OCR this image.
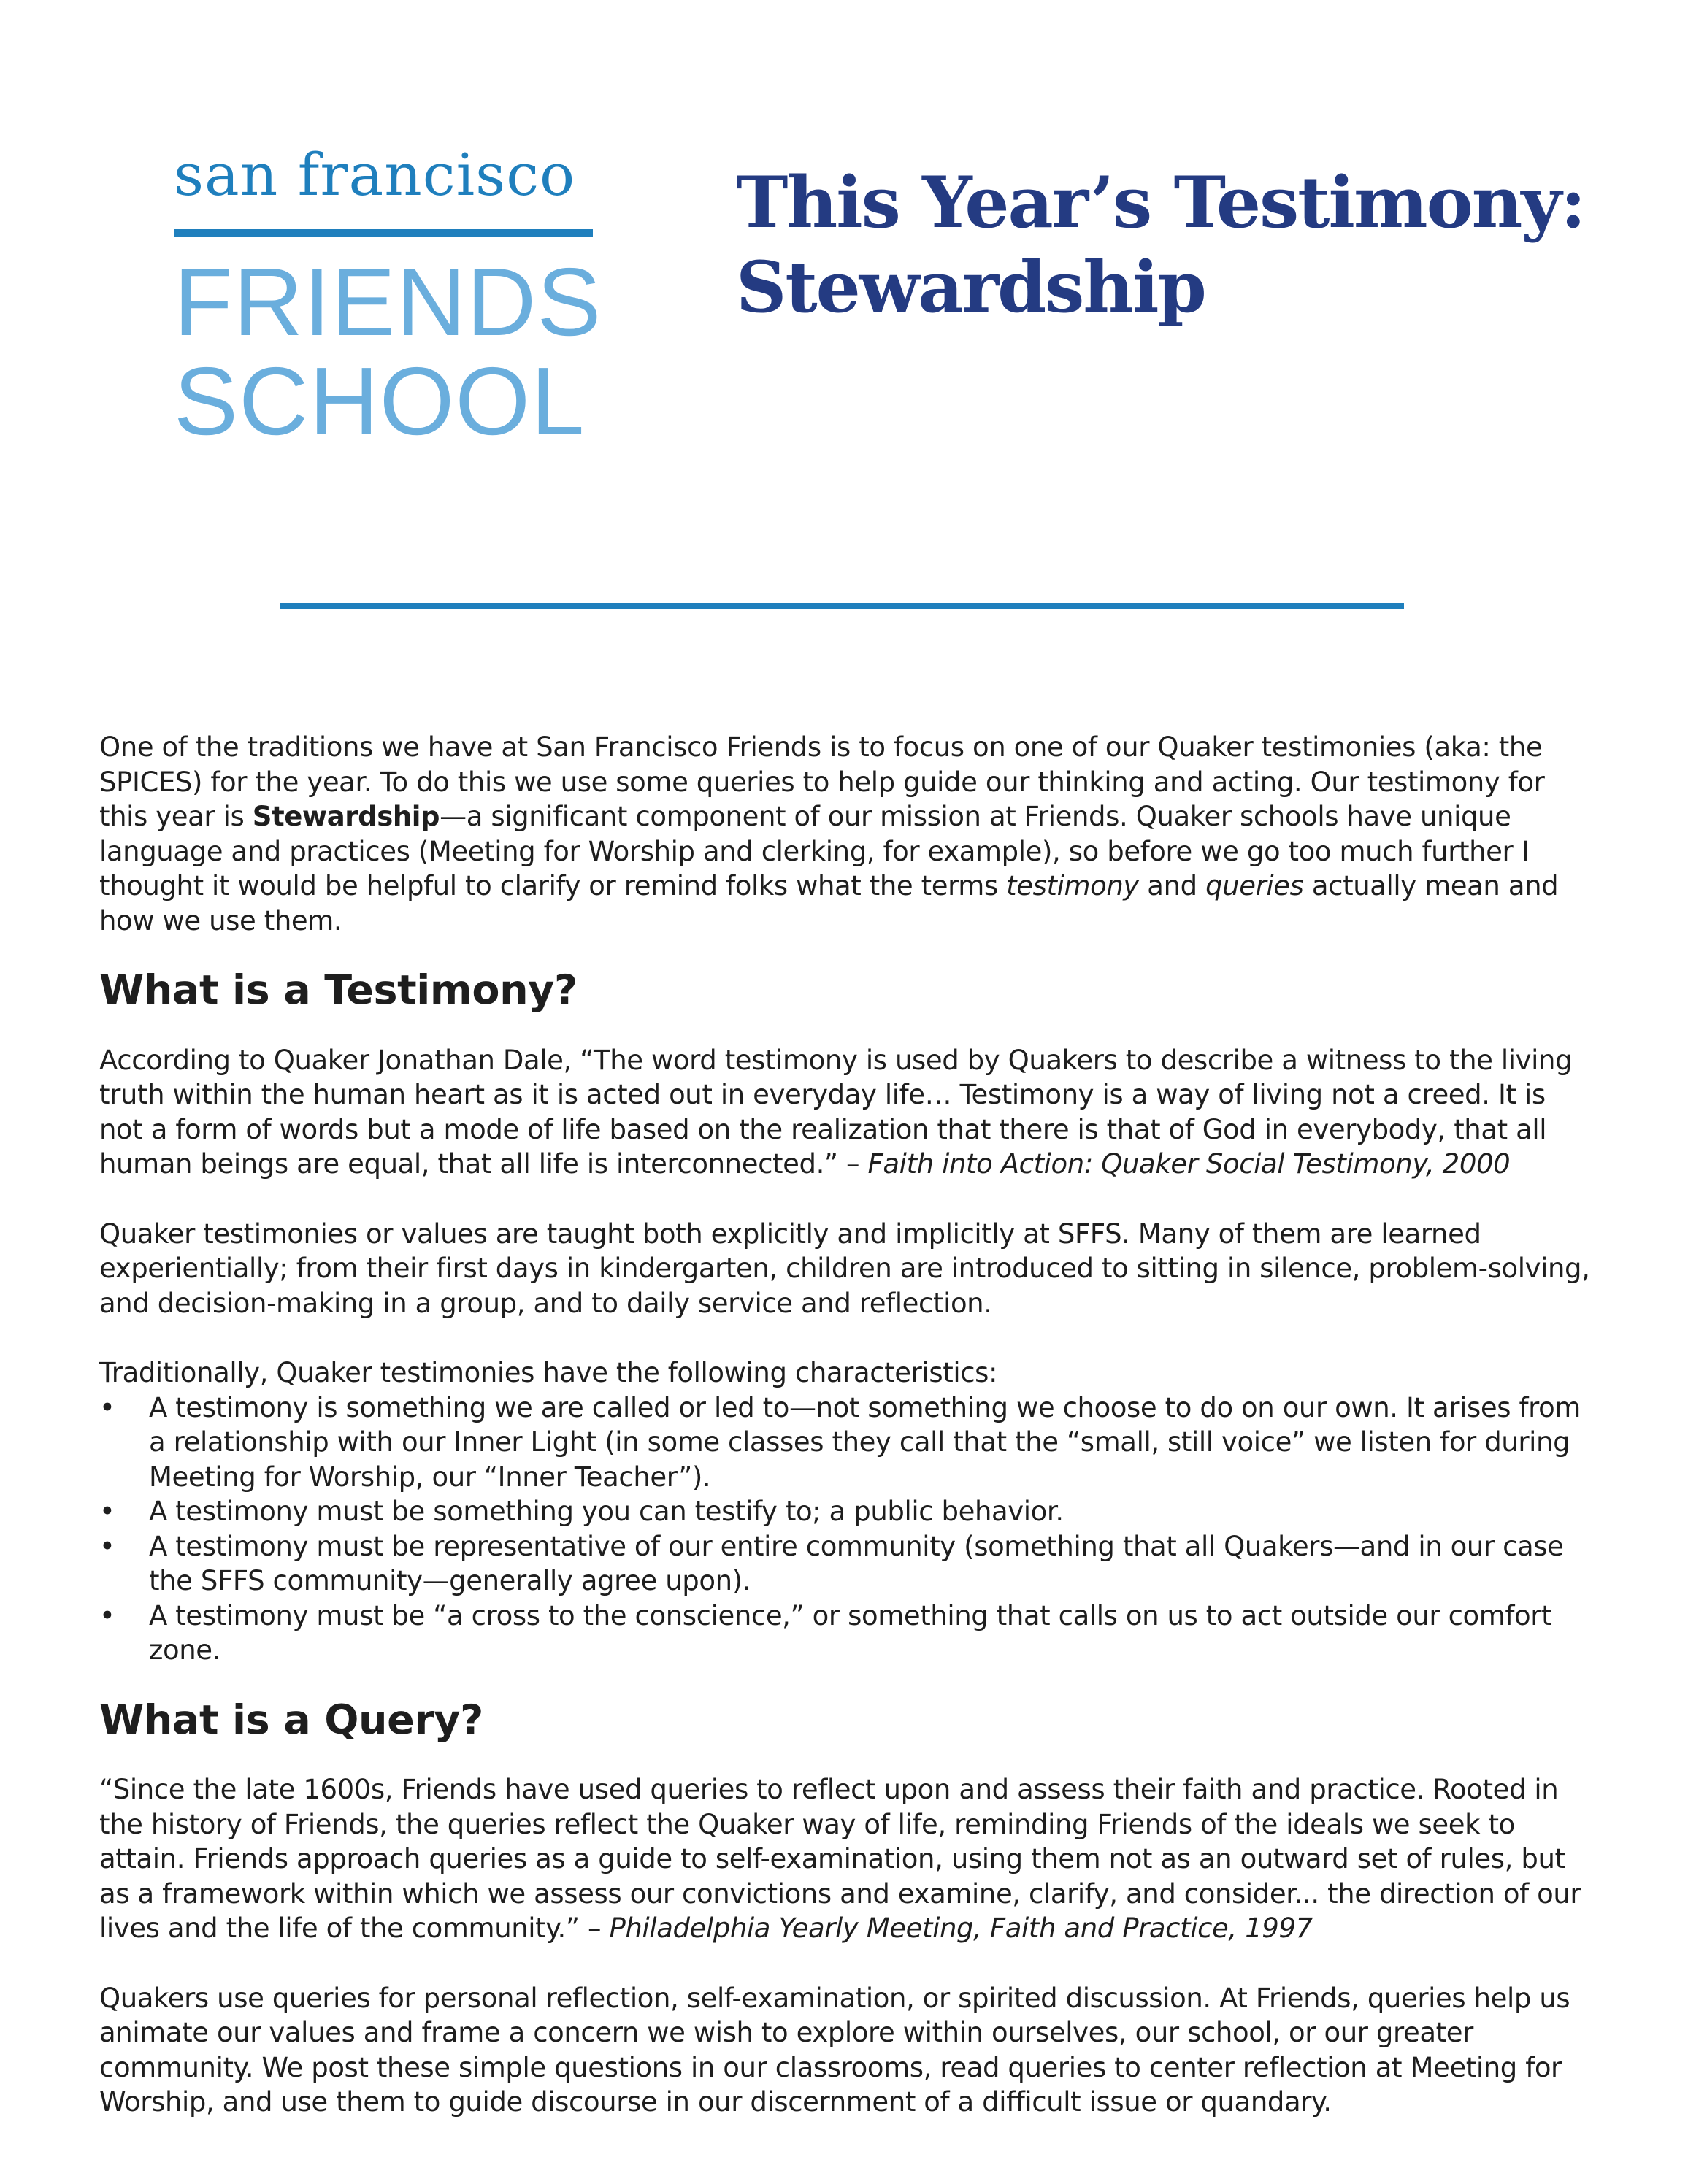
san francisco
FRIENDS
SCHOOL
This Year’s Testimony:
Stewardship

One of the traditions we have at San Francisco Friends is to focus on one of our Quaker testimonies (aka: the SPICES) for the year. To do this we use some queries to help guide our thinking and acting. Our testimony for this year is Stewardship—a significant component of our mission at Friends. Quaker schools have unique language and practices (Meeting for Worship and clerking, for example), so before we go too much further I thought it would be helpful to clarify or remind folks what the terms testimony and queries actually mean and how we use them.

What is a Testimony?

According to Quaker Jonathan Dale, “The word testimony is used by Quakers to describe a witness to the living truth within the human heart as it is acted out in everyday life… Testimony is a way of living not a creed. It is not a form of words but a mode of life based on the realization that there is that of God in everybody, that all human beings are equal, that all life is interconnected.” – Faith into Action: Quaker Social Testimony, 2000

Quaker testimonies or values are taught both explicitly and implicitly at SFFS. Many of them are learned experientially; from their first days in kindergarten, children are introduced to sitting in silence, problem-solving, and decision-making in a group, and to daily service and reflection.

Traditionally, Quaker testimonies have the following characteristics:

• A testimony is something we are called or led to—not something we choose to do on our own. It arises from a relationship with our Inner Light (in some classes they call that the “small, still voice” we listen for during Meeting for Worship, our “Inner Teacher”).
• A testimony must be something you can testify to; a public behavior.
• A testimony must be representative of our entire community (something that all Quakers—and in our case the SFFS community—generally agree upon).
• A testimony must be “a cross to the conscience,” or something that calls on us to act outside our comfort zone.
What is a Query?

“Since the late 1600s, Friends have used queries to reflect upon and assess their faith and practice. Rooted in the history of Friends, the queries reflect the Quaker way of life, reminding Friends of the ideals we seek to attain. Friends approach queries as a guide to self-examination, using them not as an outward set of rules, but as a framework within which we assess our convictions and examine, clarify, and consider... the direction of our lives and the life of the community.” – Philadelphia Yearly Meeting, Faith and Practice, 1997

Quakers use queries for personal reflection, self-examination, or spirited discussion. At Friends, queries help us animate our values and frame a concern we wish to explore within ourselves, our school, or our greater community. We post these simple questions in our classrooms, read queries to center reflection at Meeting for Worship, and use them to guide discourse in our discernment of a difficult issue or quandary.
